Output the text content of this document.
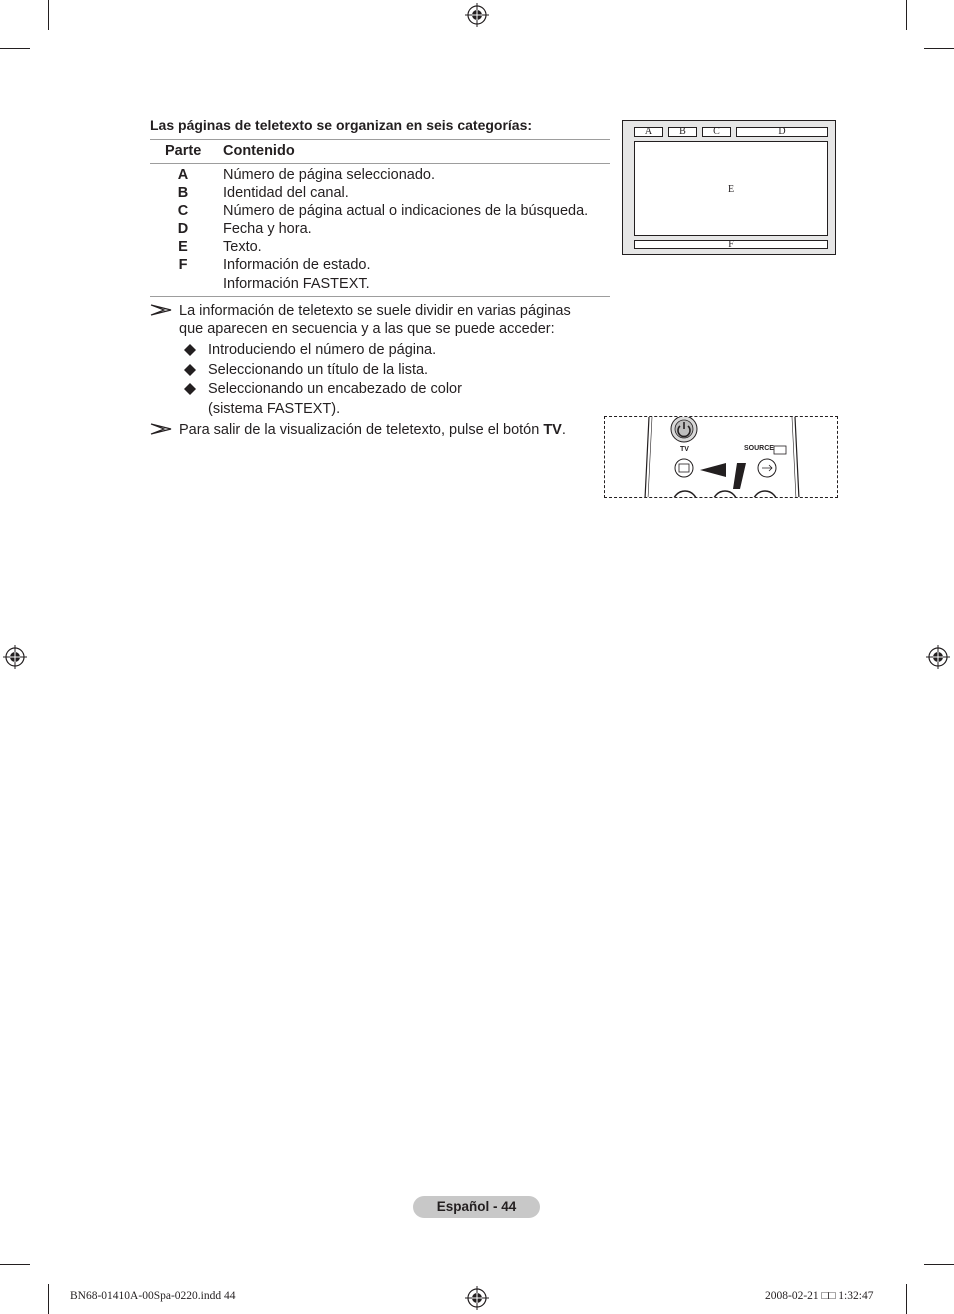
Las páginas de teletexto se organizan en seis categorías:
Parte Contenido
A	Número de página seleccionado.
B	Identidad del canal.
C	Número de página actual o indicaciones de la búsqueda.
D	Fecha y hora.
E	Texto.
F	Información de estado.
Información FASTEXT.
La información de teletexto se suele dividir en varias páginas
que aparecen en secuencia y a las que se puede acceder:
Introduciendo el número de página.
Seleccionando un título de la lista.
Seleccionando un encabezado de color
(sistema FASTEXT).
Para salir de la visualización de teletexto, pulse el botón TV.
A	B	C	D
E
F
TV	SOURCE
Español - 44
BN68-01410A-00Spa-0220.indd 44	2008-02-21 □□ 1:32:47
